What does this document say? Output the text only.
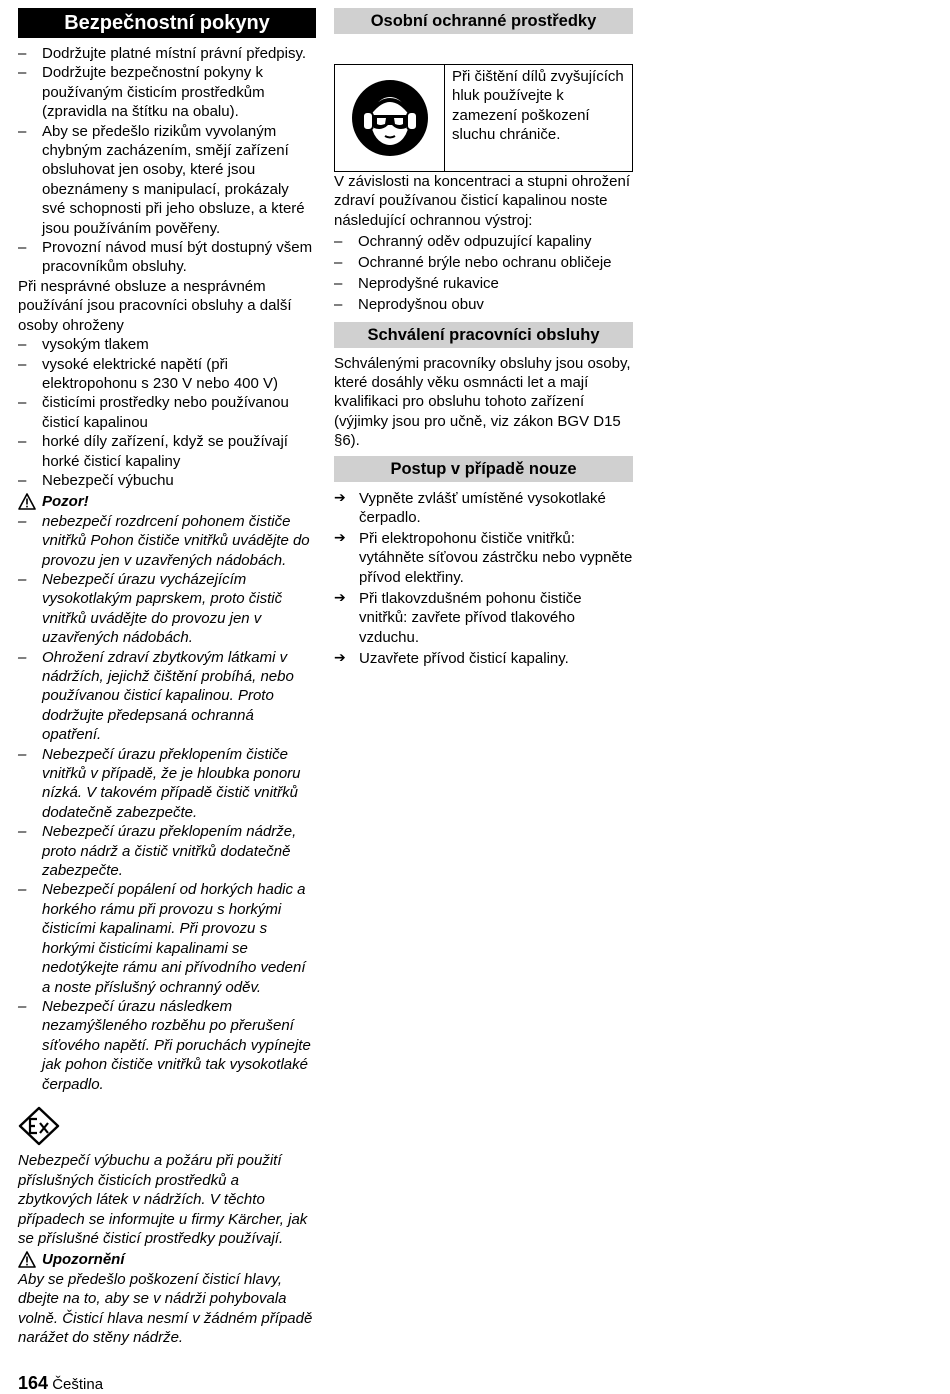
Bezpečnostní pokyny
– Dodržujte platné místní právní předpisy.
– Dodržujte bezpečnostní pokyny k používaným čisticím prostředkům (zpravidla na štítku na obalu).
– Aby se předešlo rizikům vyvolaným chybným zacházením, smějí zařízení obsluhovat jen osoby, které jsou obeznámeny s manipulací, prokázaly své schopnosti při jeho obsluze, a které jsou používáním pověřeny.
– Provozní návod musí být dostupný všem pracovníkům obsluhy.

Při nesprávné obsluze a nesprávném používání jsou pracovníci obsluhy a další osoby ohroženy

– vysokým tlakem
– vysoké elektrické napětí (při elektropohonu s 230 V nebo 400 V)
– čisticími prostředky nebo používanou čisticí kapalinou
– horké díly zařízení, když se používají horké čisticí kapaliny
– Nebezpečí výbuchu
Pozor!
– nebezpečí rozdrcení pohonem čističe vnitřků Pohon čističe vnitřků uvádějte do provozu jen v uzavřených nádobách.
– Nebezpečí úrazu vycházejícím vysokotlakým paprskem, proto čistič vnitřků uvádějte do provozu jen v uzavřených nádobách.
– Ohrožení zdraví zbytkovým látkami v nádržích, jejichž čištění probíhá, nebo používanou čisticí kapalinou. Proto dodržujte předepsaná ochranná opatření.
– Nebezpečí úrazu překlopením čističe vnitřků v případě, že je hloubka ponoru nízká. V takovém případě čistič vnitřků dodatečně zabezpečte.
– Nebezpečí úrazu překlopením nádrže, proto nádrž a čistič vnitřků dodatečně zabezpečte.
– Nebezpečí popálení od horkých hadic a horkého rámu při provozu s horkými čisticími kapalinami. Při provozu s horkými čisticími kapalinami se nedotýkejte rámu ani přívodního vedení a noste příslušný ochranný oděv.
– Nebezpečí úrazu následkem nezamýšleného rozběhu po přerušení síťového napětí. Při poruchách vypínejte jak pohon čističe vnitřků tak vysokotlaké čerpadlo.

Nebezpečí výbuchu a požáru při použití příslušných čisticích prostředků a zbytkových látek v nádržích. V těchto případech se informujte u firmy Kärcher, jak se příslušné čisticí prostředky používají.

Upozornění

Aby se předešlo poškození čisticí hlavy, dbejte na to, aby se v nádrži pohybovala volně. Čisticí hlava nesmí v žádném případě narážet do stěny nádrže.

Osobní ochranné prostředky
Při čištění dílů zvyšujících hluk používejte k zamezení poškození sluchu chrániče.

V závislosti na koncentraci a stupni ohrožení zdraví používanou čisticí kapalinou noste následující ochrannou výstroj:

– Ochranný oděv odpuzující kapaliny
– Ochranné brýle nebo ochranu obličeje
– Neprodyšné rukavice
– Neprodyšnou obuv
Schválení pracovníci obsluhy

Schválenými pracovníky obsluhy jsou osoby, které dosáhly věku osmnácti let a mají kvalifikaci pro obsluhu tohoto zařízení (výjimky jsou pro učně, viz zákon BGV D15 §6).

Postup v případě nouze
➔ Vypněte zvlášť umístěné vysokotlaké čerpadlo.
➔ Při elektropohonu čističe vnitřků: vytáhněte síťovou zástrčku nebo vypněte přívod elektřiny.
➔ Při tlakovzdušném pohonu čističe vnitřků: zavřete přívod tlakového vzduchu.
➔ Uzavřete přívod čisticí kapaliny.
164 Čeština
